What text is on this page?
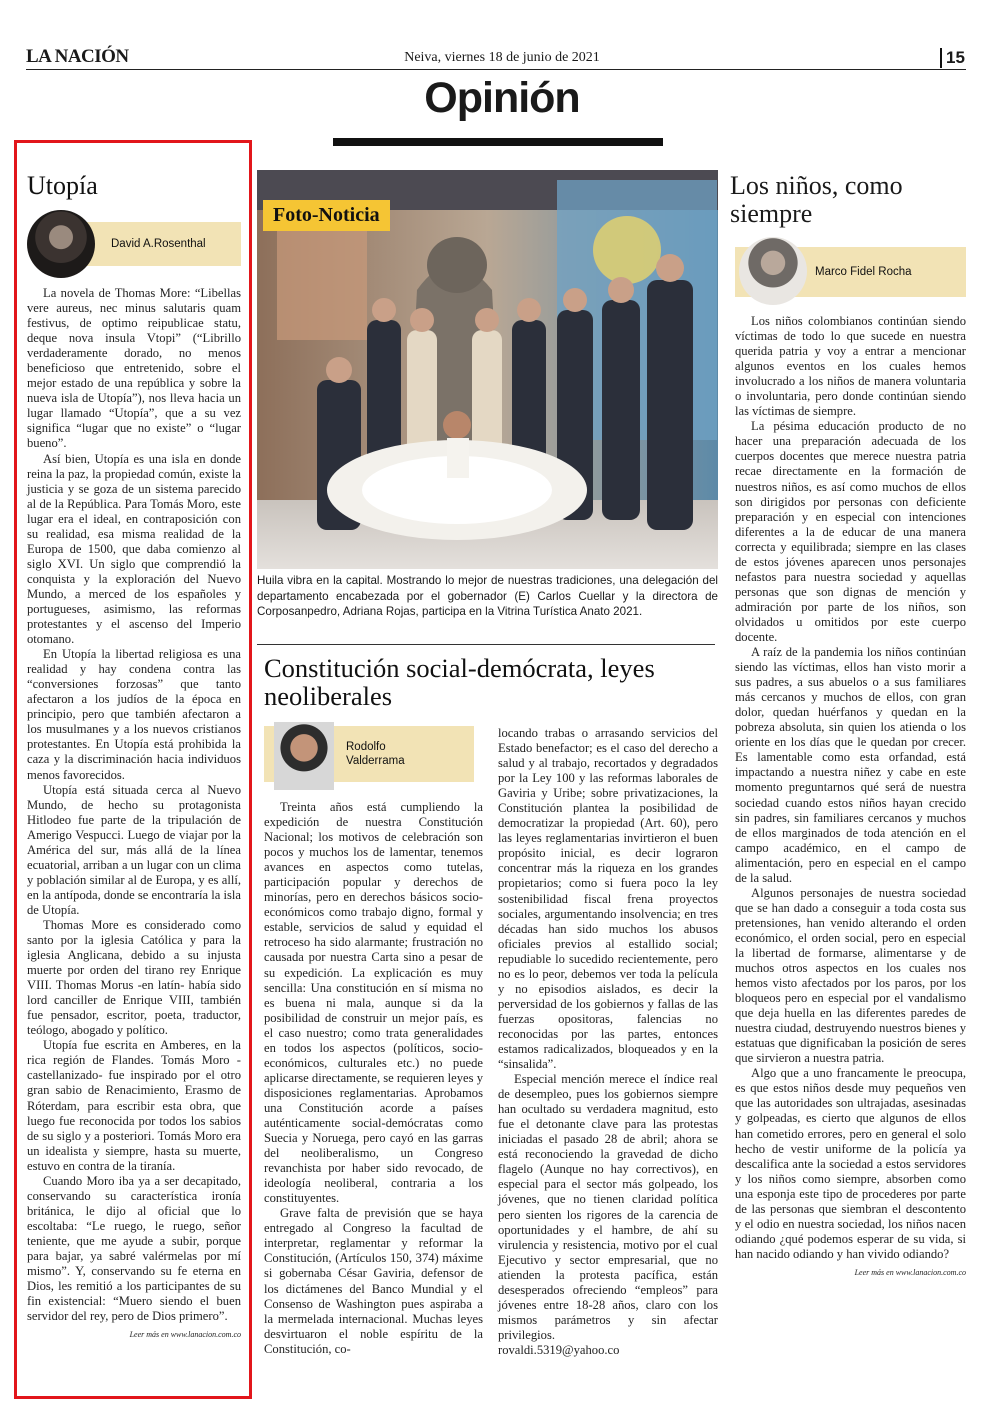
LA NACIÓN	Neiva, viernes 18 de junio de 2021	15
Opinión
Utopía
David A.Rosenthal

La novela de Thomas More: “Libellas vere aureus, nec minus salutaris quam festivus, de optimo reipublicae statu, deque nova insula Vtopi” (“Librillo verdaderamente dorado, no menos beneficioso que entretenido, sobre el mejor estado de una república y sobre la nueva isla de Utopía”), nos lleva hacia un lugar llamado “Utopía”, que a su vez significa “lugar que no existe” o “lugar bueno”.

Así bien, Utopía es una isla en donde reina la paz, la propiedad común, existe la justicia y se goza de un sistema parecido al de la República. Para Tomás Moro, este lugar era el ideal, en contraposición con su realidad, esa misma realidad de la Europa de 1500, que daba comienzo al siglo XVI. Un siglo que comprendió la conquista y la exploración del Nuevo Mundo, a merced de los españoles y portugueses, asimismo, las reformas protestantes y el ascenso del Imperio otomano.

En Utopía la libertad religiosa es una realidad y hay condena contra las “conversiones forzosas” que tanto afectaron a los judíos de la época en principio, pero que también afectaron a los musulmanes y a los nuevos cristianos protestantes. En Utopía está prohibida la caza y la discriminación hacia individuos menos favorecidos.

Utopía está situada cerca al Nuevo Mundo, de hecho su protagonista Hitlodeo fue parte de la tripulación de Amerigo Vespucci. Luego de viajar por la América del sur, más allá de la línea ecuatorial, arriban a un lugar con un clima y población similar al de Europa, y es allí, en la antípoda, donde se encontraría la isla de Utopía.

Thomas More es considerado como santo por la iglesia Católica y para la iglesia Anglicana, debido a su injusta muerte por orden del tirano rey Enrique VIII. Thomas Morus -en latín- había sido lord canciller de Enrique VIII, también fue pensador, escritor, poeta, traductor, teólogo, abogado y político.

Utopía fue escrita en Amberes, en la rica región de Flandes. Tomás Moro -castellanizado- fue inspirado por el otro gran sabio de Renacimiento, Erasmo de Róterdam, para escribir esta obra, que luego fue reconocida por todos los sabios de su siglo y a posteriori. Tomás Moro era un idealista y siempre, hasta su muerte, estuvo en contra de la tiranía.

Cuando Moro iba ya a ser decapitado, conservando su característica ironía británica, le dijo al oficial que lo escoltaba: “Le ruego, le ruego, señor teniente, que me ayude a subir, porque para bajar, ya sabré valérmelas por mí mismo”. Y, conservando su fe eterna en Dios, les remitió a los participantes de su fin existencial: “Muero siendo el buen servidor del rey, pero de Dios primero”.

Leer más en www.lanacion.com.co
Foto-Noticia
Huila vibra en la capital. Mostrando lo mejor de nuestras tradiciones, una delegación del departamento encabezada por el gobernador (E) Carlos Cuellar y la directora de Corposanpedro, Adriana Rojas, participa en la Vitrina Turística Anato 2021.
Constitución social-demócrata, leyes neoliberales
Rodolfo Valderrama

Treinta años está cumpliendo la expedición de nuestra Constitución Nacional; los motivos de celebración son pocos y muchos los de lamentar, tenemos avances en aspectos como tutelas, participación popular y derechos de minorías, pero en derechos básicos socio-económicos como trabajo digno, formal y estable, servicios de salud y equidad el retroceso ha sido alarmante; frustración no causada por nuestra Carta sino a pesar de su expedición. La explicación es muy sencilla: Una constitución en sí misma no es buena ni mala, aunque si da la posibilidad de construir un mejor país, es el caso nuestro; como trata generalidades en todos los aspectos (políticos, socio-económicos, culturales etc.) no puede aplicarse directamente, se requieren leyes y disposiciones reglamentarias. Aprobamos una Constitución acorde a países auténticamente social-demócratas como Suecia y Noruega, pero cayó en las garras del neoliberalismo, un Congreso revanchista por haber sido revocado, de ideología neoliberal, contraria a los constituyentes.

Grave falta de previsión que se haya entregado al Congreso la facultad de interpretar, reglamentar y reformar la Constitución, (Artículos 150, 374) máxime si gobernaba César Gaviria, defensor de los dictámenes del Banco Mundial y el Consenso de Washington pues aspiraba a la mermelada internacional. Muchas leyes desvirtuaron el noble espíritu de la Constitución, co-

locando trabas o arrasando servicios del Estado benefactor; es el caso del derecho a salud y al trabajo, recortados y degradados por la Ley 100 y las reformas laborales de Gaviria y Uribe; sobre privatizaciones, la Constitución plantea la posibilidad de democratizar la propiedad (Art. 60), pero las leyes reglamentarias invirtieron el buen propósito inicial, es decir lograron concentrar más la riqueza en los grandes propietarios; como si fuera poco la ley sostenibilidad fiscal frena proyectos sociales, argumentando insolvencia; en tres décadas han sido muchos los abusos oficiales previos al estallido social; repudiable lo sucedido recientemente, pero no es lo peor, debemos ver toda la película y no episodios aislados, es decir la perversidad de los gobiernos y fallas de las fuerzas opositoras, falencias no reconocidas por las partes, entonces estamos radicalizados, bloqueados y en la “sinsalida”.

Especial mención merece el índice real de desempleo, pues los gobiernos siempre han ocultado su verdadera magnitud, esto fue el detonante clave para las protestas iniciadas el pasado 28 de abril; ahora se está reconociendo la gravedad de dicho flagelo (Aunque no hay correctivos), en especial para el sector más golpeado, los jóvenes, que no tienen claridad política pero sienten los rigores de la carencia de oportunidades y el hambre, de ahí su virulencia y resistencia, motivo por el cual Ejecutivo y sector empresarial, que no atienden la protesta pacífica, están desesperados ofreciendo “empleos” para jóvenes entre 18-28 años, claro con los mismos parámetros y sin afectar privilegios.

rovaldi.5319@yahoo.co

Los niños, como siempre
Marco Fidel Rocha

Los niños colombianos continúan siendo víctimas de todo lo que sucede en nuestra querida patria y voy a entrar a mencionar algunos eventos en los cuales hemos involucrado a los niños de manera voluntaria o involuntaria, pero donde continúan siendo las víctimas de siempre.

La pésima educación producto de no hacer una preparación adecuada de los cuerpos docentes que merece nuestra patria recae directamente en la formación de nuestros niños, es así como muchos de ellos son dirigidos por personas con deficiente preparación y en especial con intenciones diferentes a la de educar de una manera correcta y equilibrada; siempre en las clases de estos jóvenes aparecen unos personajes nefastos para nuestra sociedad y aquellas personas que son dignas de mención y admiración por parte de los niños, son olvidados u omitidos por este cuerpo docente.

A raíz de la pandemia los niños continúan siendo las víctimas, ellos han visto morir a sus padres, a sus abuelos o a sus familiares más cercanos y muchos de ellos, con gran dolor, quedan huérfanos y quedan en la pobreza absoluta, sin quien los atienda o los oriente en los días que le quedan por crecer. Es lamentable como esta orfandad, está impactando a nuestra niñez y cabe en este momento preguntarnos qué será de nuestra sociedad cuando estos niños hayan crecido sin padres, sin familiares cercanos y muchos de ellos marginados de toda atención en el campo académico, en el campo de alimentación, pero en especial en el campo de la salud.

Algunos personajes de nuestra sociedad que se han dado a conseguir a toda costa sus pretensiones, han venido alterando el orden económico, el orden social, pero en especial la libertad de formarse, alimentarse y de muchos otros aspectos en los cuales nos hemos visto afectados por los paros, por los bloqueos pero en especial por el vandalismo que deja huella en las diferentes paredes de nuestra ciudad, destruyendo nuestros bienes y estatuas que dignificaban la posición de seres que sirvieron a nuestra patria.

Algo que a uno francamente le preocupa, es que estos niños desde muy pequeños ven que las autoridades son ultrajadas, asesinadas y golpeadas, es cierto que algunos de ellos han cometido errores, pero en general el solo hecho de vestir uniforme de la policía ya descalifica ante la sociedad a estos servidores y los niños como siempre, absorben como una esponja este tipo de procederes por parte de las personas que siembran el descontento y el odio en nuestra sociedad, los niños nacen odiando ¿qué podemos esperar de su vida, si han nacido odiando y han vivido odiando?

Leer más en www.lanacion.com.co
